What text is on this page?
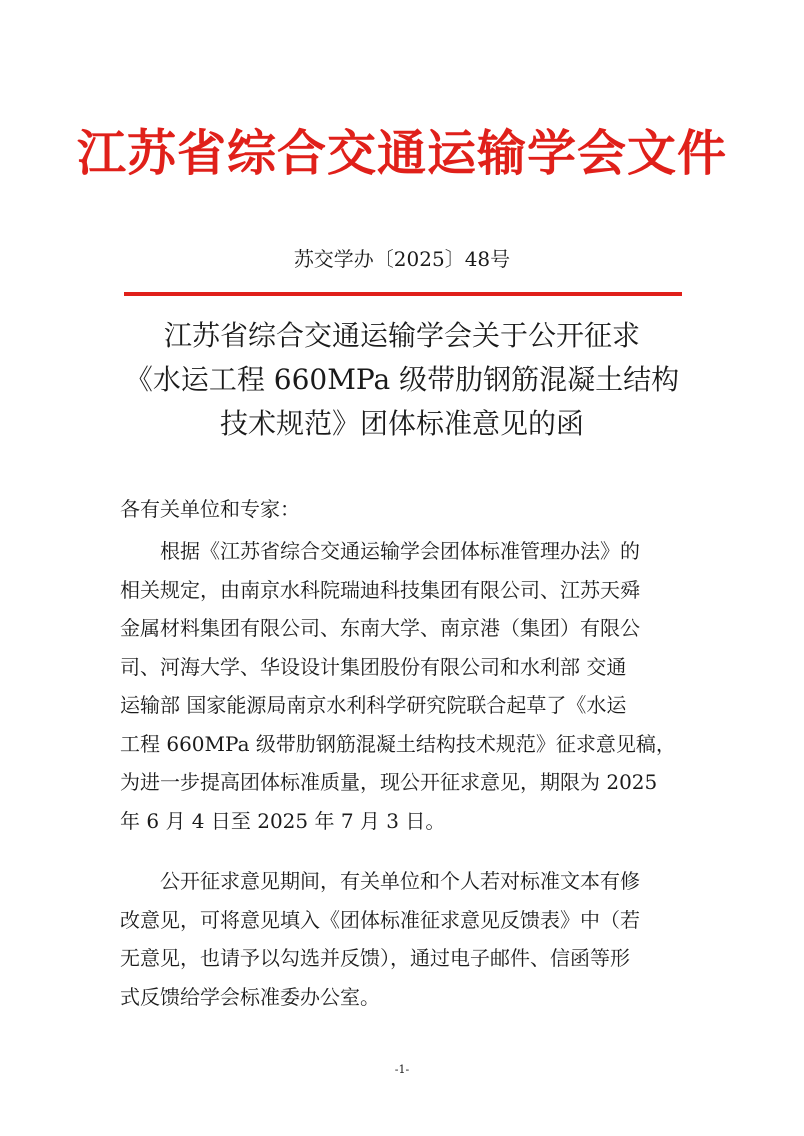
江苏省综合交通运输学会文件
苏交学办〔2025〕48号
江苏省综合交通运输学会关于公开征求
《水运工程 660MPa 级带肋钢筋混凝土结构
技术规范》团体标准意见的函
各有关单位和专家：
根据《江苏省综合交通运输学会团体标准管理办法》的
相关规定，由南京水科院瑞迪科技集团有限公司、江苏天舜
金属材料集团有限公司、东南大学、南京港（集团）有限公
司、河海大学、华设设计集团股份有限公司和水利部 交通
运输部 国家能源局南京水利科学研究院联合起草了《水运
工程 660MPa 级带肋钢筋混凝土结构技术规范》征求意见稿，
为进一步提高团体标准质量，现公开征求意见，期限为 2025
年 6 月 4 日至 2025 年 7 月 3 日。
公开征求意见期间，有关单位和个人若对标准文本有修
改意见，可将意见填入《团体标准征求意见反馈表》中（若
无意见，也请予以勾选并反馈），通过电子邮件、信函等形
式反馈给学会标准委办公室。
-1-
